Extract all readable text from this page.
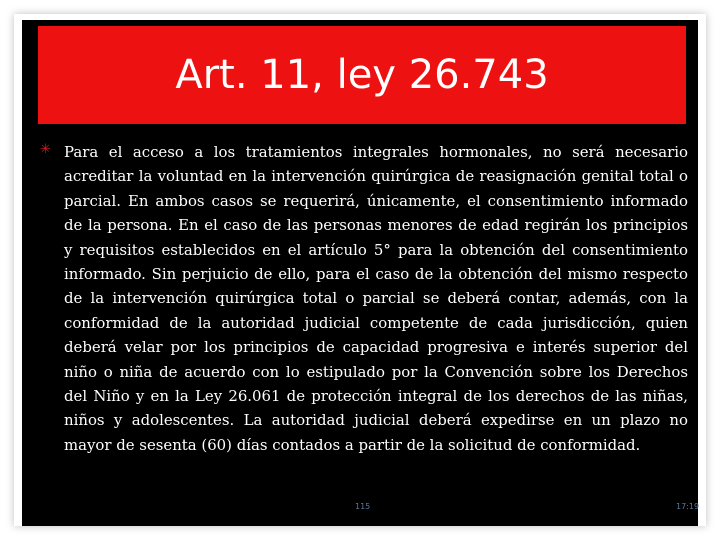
Art. 11, ley 26.743
✳ Para el acceso a los tratamientos integrales hormonales, no será necesario acreditar la voluntad en la intervención quirúrgica de reasignación genital total o parcial. En ambos casos se requerirá, únicamente, el consentimiento informado de la persona. En el caso de las personas menores de edad regirán los principios y requisitos establecidos en el artículo 5° para la obtención del consentimiento informado. Sin perjuicio de ello, para el caso de la obtención del mismo respecto de la intervención quirúrgica total o parcial se deberá contar, además, con la conformidad de la autoridad judicial competente de cada jurisdicción, quien deberá velar por los principios de capacidad progresiva e interés superior del niño o niña de acuerdo con lo estipulado por la Convención sobre los Derechos del Niño y en la Ley 26.061 de protección integral de los derechos de las niñas, niños y adolescentes. La autoridad judicial deberá expedirse en un plazo no mayor de sesenta (60) días contados a partir de la solicitud de conformidad.

115	17:19
